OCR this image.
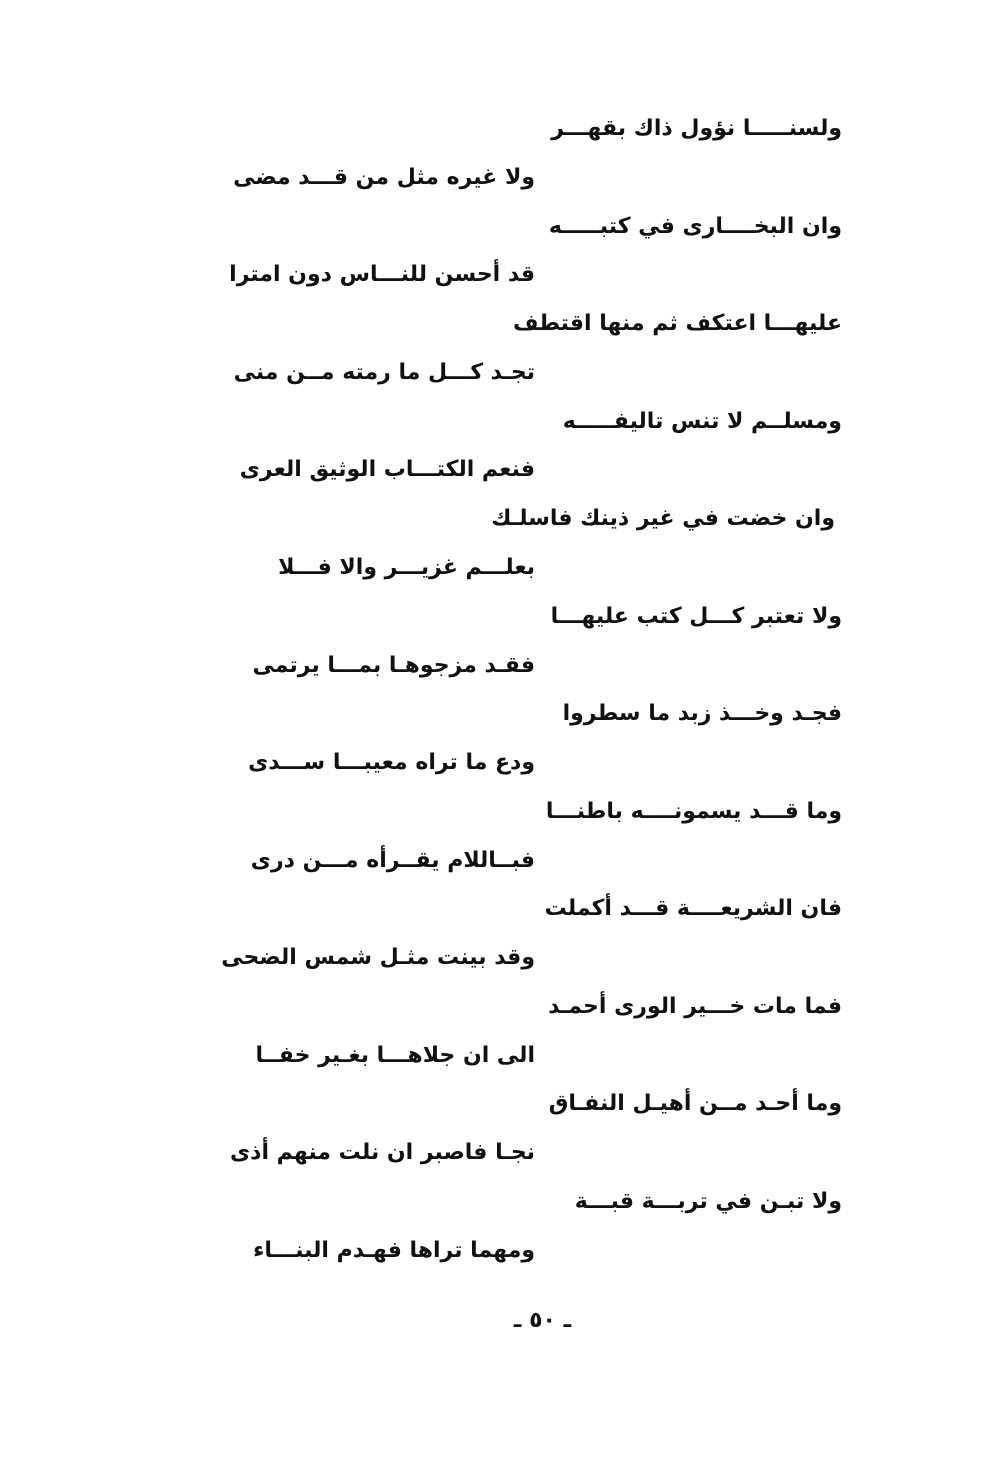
ولسنـــــا نؤول ذاك بقهـــر
ولا غيره مثل من قـــد مضى
وان البخــــارى في كتبـــــه
قد أحسن للنـــاس دون امترا
عليهـــا اعتكف ثم منها اقتطف
تجـد كـــل ما رمته مــن منى
ومسلــم لا تنس تاليفـــــه
فنعم الكتـــاب الوثيق العرى
وان خضت في غير ذينك فاسلـك
بعلـــم غزيـــر والا فـــلا
ولا تعتبر كـــل كتب عليهـــا
فقـد مزجوهـا بمـــا يرتمى
فجـد وخـــذ زبد ما سطروا
ودع ما تراه معيبـــا ســـدى
وما قـــد يسمونــــه باطنـــا
فبــاللام يقــرأه مـــن درى
فان الشريعــــة قـــد أكملت
وقد بينت مثـل شمس الضحى
فما مات خـــير الورى أحمـد
الى ان جلاهـــا بغـير خفــا
وما أحـد مــن أهيـل النفـاق
نجـا فاصبر ان نلت منهم أذى
ولا تبـن في تربـــة قبـــة
ومهما تراها فهـدم البنـــاء
ـ ٥٠ ـ
